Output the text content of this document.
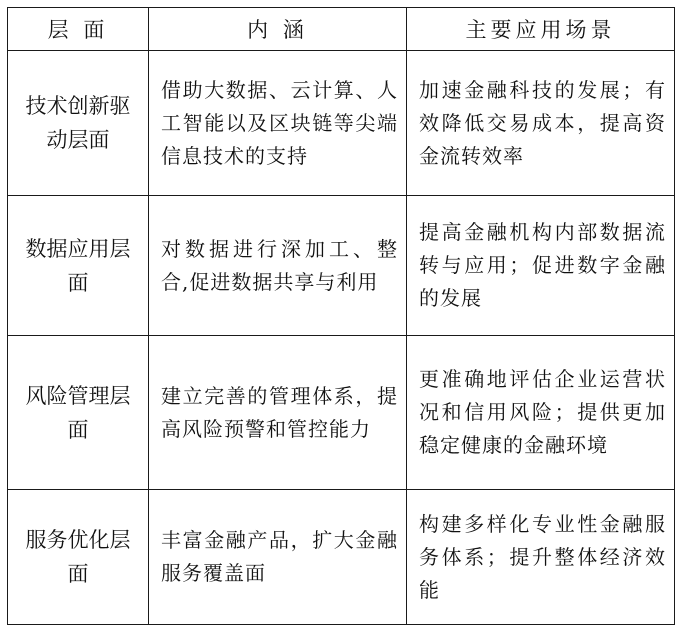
层 面	内 涵	主要应用场景
技术创新驱动层面	借助大数据、云计算、人工智能以及区块链等尖端信息技术的支持	加速金融科技的发展；有效降低交易成本，提高资金流转效率
数据应用层面	对数据进行深加工、整合,促进数据共享与利用	提高金融机构内部数据流转与应用；促进数字金融的发展
风险管理层面	建立完善的管理体系，提高风险预警和管控能力	更准确地评估企业运营状况和信用风险；提供更加稳定健康的金融环境
服务优化层面	丰富金融产品，扩大金融服务覆盖面	构建多样化专业性金融服务体系；提升整体经济效能
